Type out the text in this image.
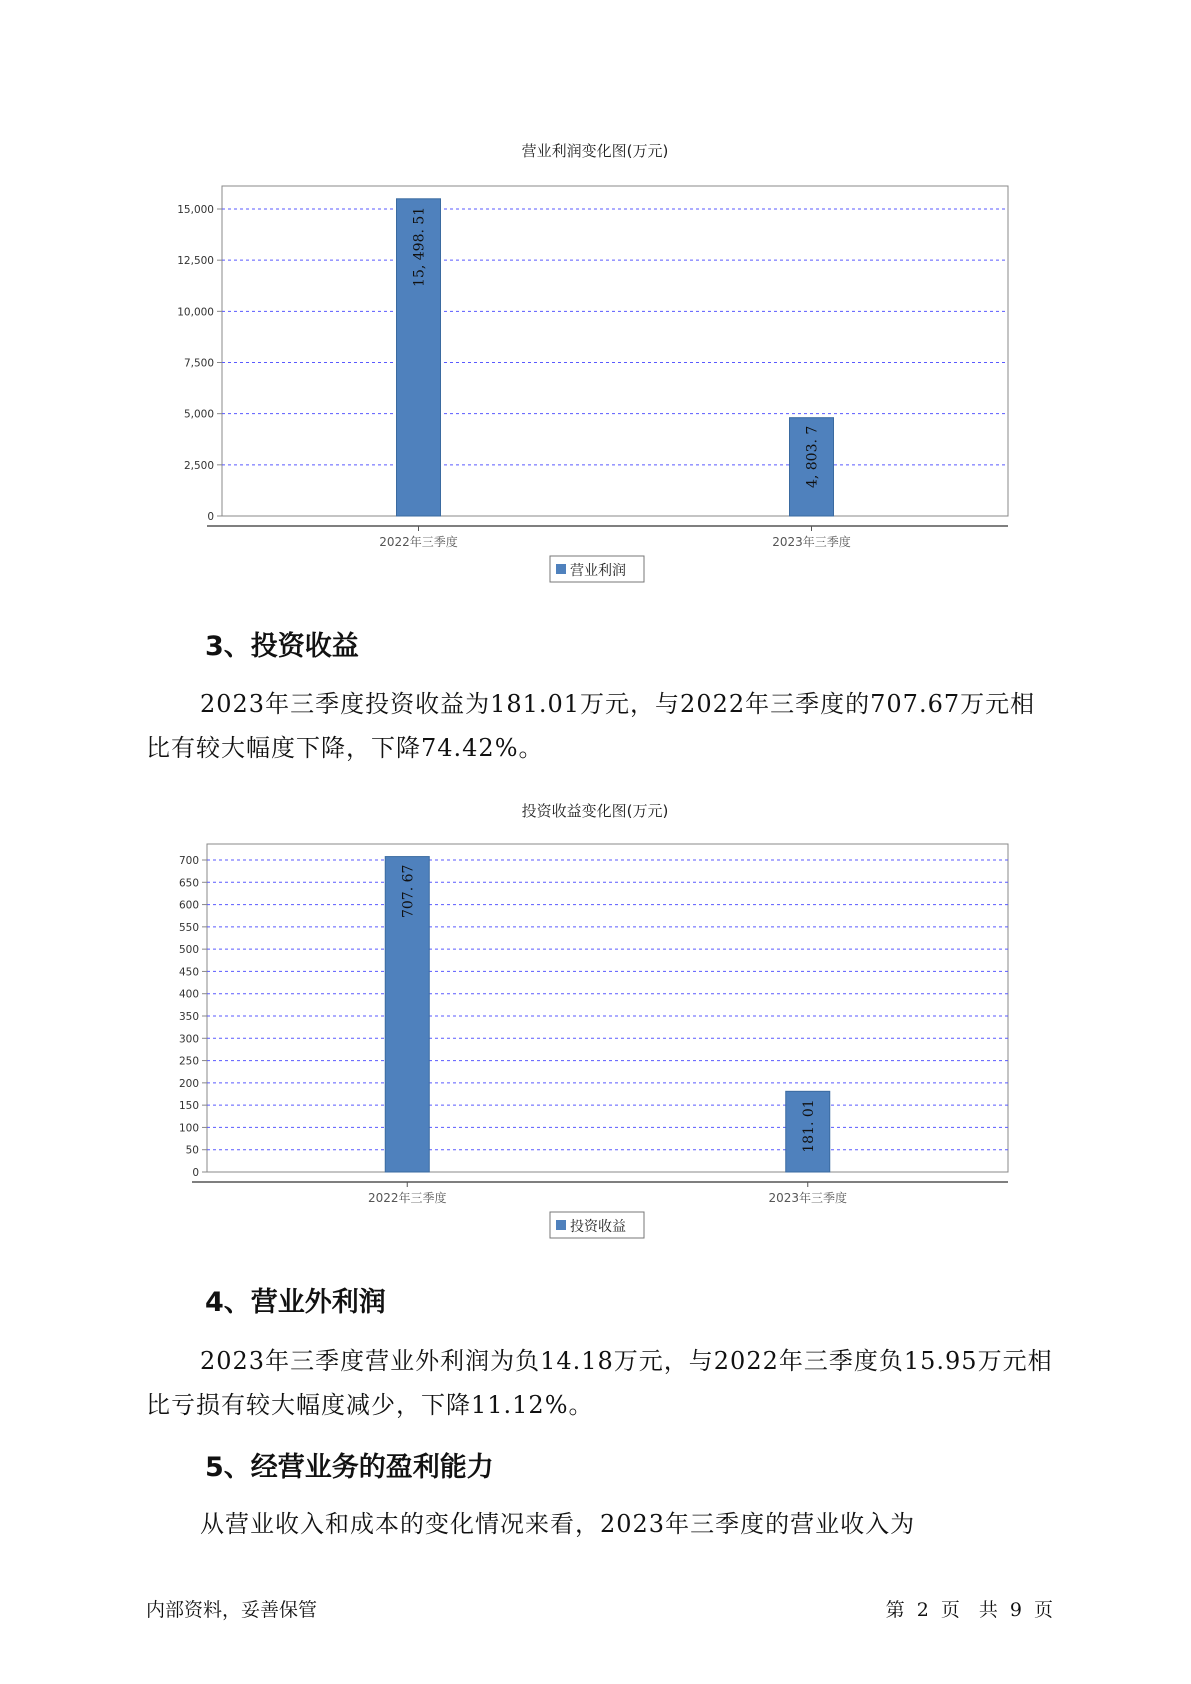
营业利润变化图(万元)
0
2,500
5,000
7,500
10,000
12,500
15,000	15, 498. 51
2022年三季度
4, 803. 7
2023年三季度
营业利润
3、投资收益

2023年三季度投资收益为181.01万元，与2022年三季度的707.67万元相比有较大幅度下降，下降74.42%。

投资收益变化图(万元)
0
50
100
150
200
250
300
350
400
450
500
550
600
650
700
707. 67
2022年三季度
181. 01
2023年三季度
投资收益
4、营业外利润

2023年三季度营业外利润为负14.18万元，与2022年三季度负15.95万元相比亏损有较大幅度减少，下降11.12%。

5、经营业务的盈利能力

从营业收入和成本的变化情况来看，2023年三季度的营业收入为

内部资料，妥善保管	第 2 页　共 9 页
